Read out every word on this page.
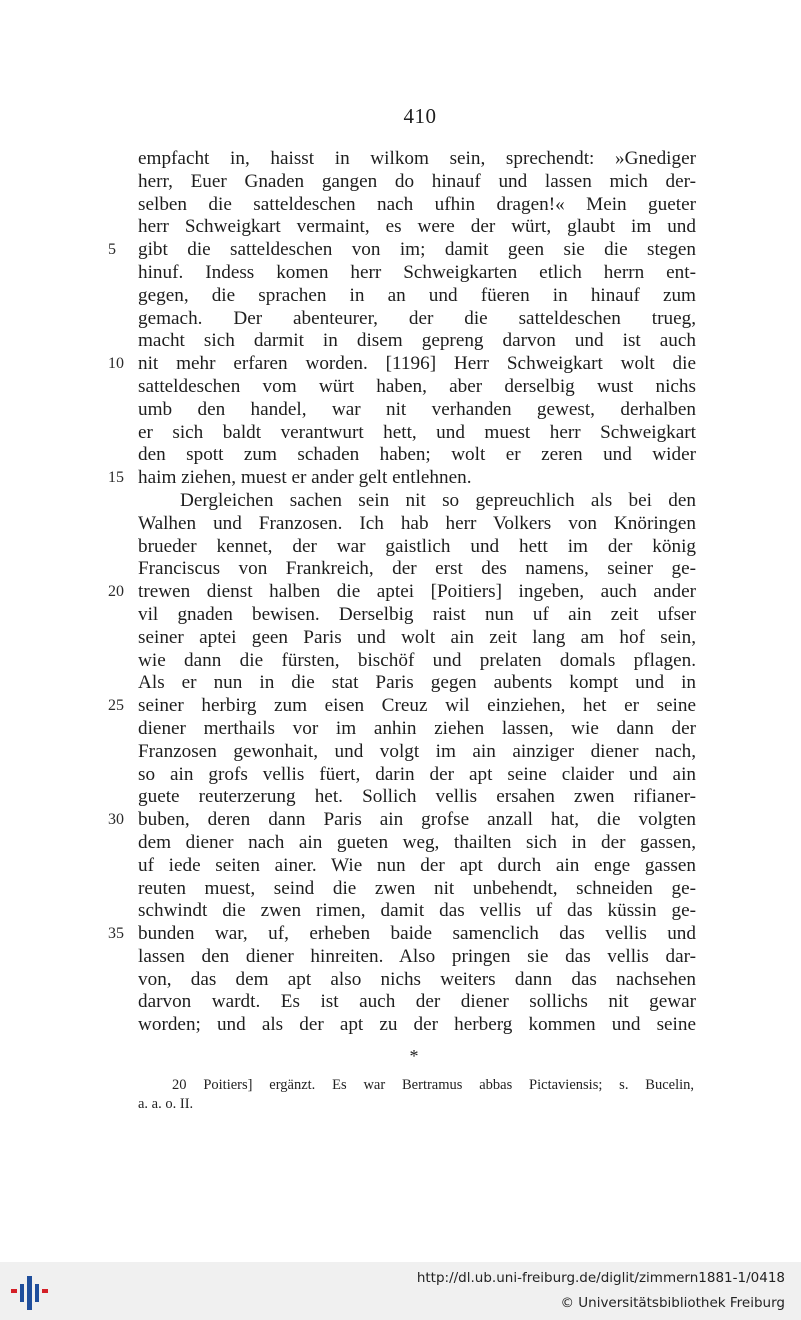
410
empfacht in, haisst in wilkom sein, sprechendt: »Gnediger
herr, Euer Gnaden gangen do hinauf und lassen mich der-
selben die satteldeschen nach ufhin dragen!« Mein gueter
herr Schweigkart vermaint, es were der würt, glaubt im und
5	gibt die satteldeschen von im; damit geen sie die stegen
hinuf. Indess komen herr Schweigkarten etlich herrn ent-
gegen, die sprachen in an und füeren in hinauf zum
gemach. Der abenteurer, der die satteldeschen trueg,
macht sich darmit in disem gepreng darvon und ist auch
10 nit mehr erfaren worden. [1196] Herr Schweigkart wolt die
satteldeschen vom würt haben, aber derselbig wust nichs
umb den handel, war nit verhanden gewest, derhalben
er sich baldt verantwurt hett, und muest herr Schweigkart
den spott zum schaden haben; wolt er zeren und wider
15 haim ziehen, muest er ander gelt entlehnen.
Dergleichen sachen sein nit so gepreuchlich als bei den
Walhen und Franzosen. Ich hab herr Volkers von Knöringen
brueder kennet, der war gaistlich und hett im der könig
Franciscus von Frankreich, der erst des namens, seiner ge-
20 trewen dienst halben die aptei [Poitiers] ingeben, auch ander
vil gnaden bewisen. Derselbig raist nun uf ain zeit ufser
seiner aptei geen Paris und wolt ain zeit lang am hof sein,
wie dann die fürsten, bischöf und prelaten domals pflagen.
Als er nun in die stat Paris gegen aubents kompt und in
25 seiner herbirg zum eisen Creuz wil einziehen, het er seine
diener merthails vor im anhin ziehen lassen, wie dann der
Franzosen gewonhait, und volgt im ain ainziger diener nach,
so ain grofs vellis füert, darin der apt seine claider und ain
guete reuterzerung het. Sollich vellis ersahen zwen rifianer-
30 buben, deren dann Paris ain grofse anzall hat, die volgten
dem diener nach ain gueten weg, thailten sich in der gassen,
uf iede seiten ainer. Wie nun der apt durch ain enge gassen
reuten muest, seind die zwen nit unbehendt, schneiden ge-
schwindt die zwen rimen, damit das vellis uf das küssin ge-
35 bunden war, uf, erheben baide samenclich das vellis und
lassen den diener hinreiten. Also pringen sie das vellis dar-
von, das dem apt also nichs weiters dann das nachsehen
darvon wardt. Es ist auch der diener sollichs nit gewar
worden; und als der apt zu der herberg kommen und seine
*
20 Poitiers] ergänzt. Es war Bertramus abbas Pictaviensis; s. Bucelin,
a. a. o. II.
http://dl.ub.uni-freiburg.de/diglit/zimmern1881-1/0418
© Universitätsbibliothek Freiburg
